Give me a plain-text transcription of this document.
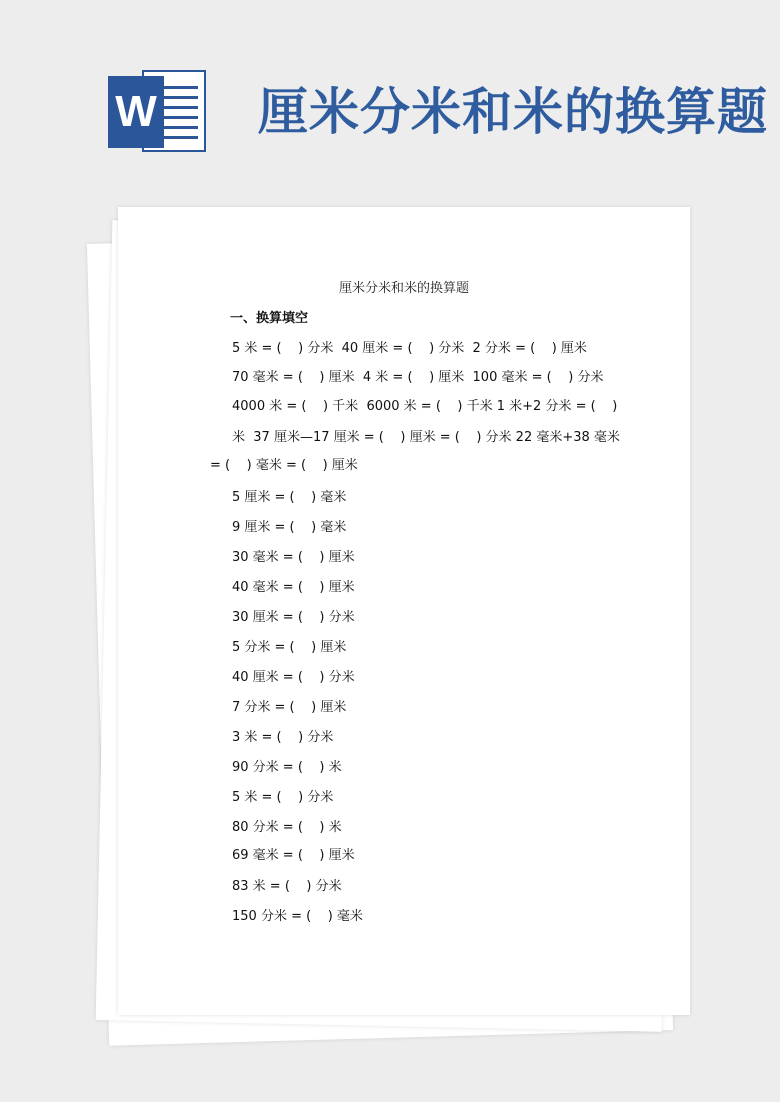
W 厘米分米和米的换算题
厘米分米和米的换算题
一、换算填空
5 米 = (    ) 分米  40 厘米 = (    ) 分米  2 分米 = (    ) 厘米
70 毫米 = (    ) 厘米  4 米 = (    ) 厘米  100 毫米 = (    ) 分米
4000 米 = (    ) 千米  6000 米 = (    ) 千米 1 米+2 分米 = (    )
米  37 厘米—17 厘米 = (    ) 厘米 = (    ) 分米 22 毫米+38 毫米
= (    ) 毫米 = (    ) 厘米
5 厘米 = (    ) 毫米
9 厘米 = (    ) 毫米
30 毫米 = (    ) 厘米
40 毫米 = (    ) 厘米
30 厘米 = (    ) 分米
5 分米 = (    ) 厘米
40 厘米 = (    ) 分米
7 分米 = (    ) 厘米
3 米 = (    ) 分米
90 分米 = (    ) 米
5 米 = (    ) 分米
80 分米 = (    ) 米
69 毫米 = (    ) 厘米
83 米 = (    ) 分米
150 分米 = (    ) 毫米
